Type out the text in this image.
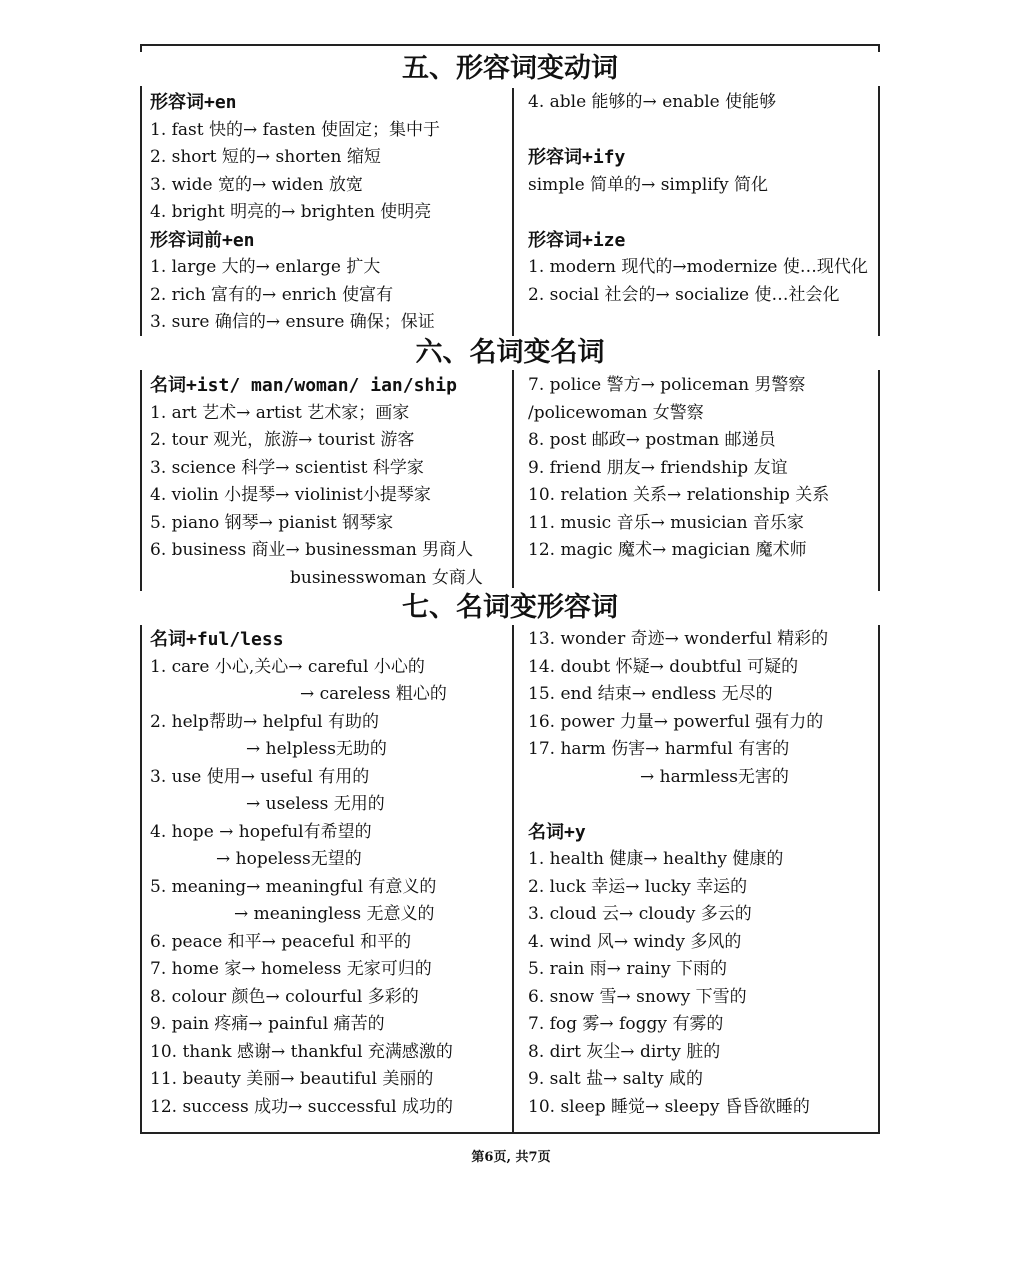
五、形容词变动词
六、名词变名词
七、名词变形容词
形容词+en
1. fast 快的→ fasten 使固定；集中于
2. short 短的→ shorten 缩短
3. wide 宽的→ widen 放宽
4. bright 明亮的→ brighten 使明亮
形容词前+en
1. large 大的→ enlarge 扩大
2. rich 富有的→ enrich 使富有
3. sure 确信的→ ensure 确保；保证
4. able 能够的→ enable 使能够
形容词+ify
simple 简单的→ simplify 简化
形容词+ize
1. modern 现代的→modernize 使…现代化
2. social 社会的→ socialize 使…社会化
名词+ist/ man/woman/ ian/ship
1. art 艺术→ artist 艺术家；画家
2. tour 观光，旅游→ tourist 游客
3. science 科学→ scientist 科学家
4. violin 小提琴→ violinist小提琴家
5. piano 钢琴→ pianist 钢琴家
6. business 商业→ businessman 男商人
businesswoman 女商人
7. police 警方→ policeman 男警察
/policewoman 女警察
8. post 邮政→ postman 邮递员
9. friend 朋友→ friendship 友谊
10. relation 关系→ relationship 关系
11. music 音乐→ musician 音乐家
12. magic 魔术→ magician 魔术师
名词+ful/less
1. care 小心,关心→ careful 小心的
→ careless 粗心的
2. help帮助→ helpful 有助的
→ helpless无助的
3. use 使用→ useful 有用的
→ useless 无用的
4. hope → hopeful有希望的
→ hopeless无望的
5. meaning→ meaningful 有意义的
→ meaningless 无意义的
6. peace 和平→ peaceful 和平的
7. home 家→ homeless 无家可归的
8. colour 颜色→ colourful 多彩的
9. pain 疼痛→ painful 痛苦的
10. thank 感谢→ thankful 充满感激的
11. beauty 美丽→ beautiful 美丽的
12. success 成功→ successful 成功的
13. wonder 奇迹→ wonderful 精彩的
14. doubt 怀疑→ doubtful 可疑的
15. end 结束→ endless 无尽的
16. power 力量→ powerful 强有力的
17. harm 伤害→ harmful 有害的
→ harmless无害的
名词+y
1. health 健康→ healthy 健康的
2. luck 幸运→ lucky 幸运的
3. cloud 云→ cloudy 多云的
4. wind 风→ windy 多风的
5. rain 雨→ rainy 下雨的
6. snow 雪→ snowy 下雪的
7. fog 雾→ foggy 有雾的
8. dirt 灰尘→ dirty 脏的
9. salt 盐→ salty 咸的
10. sleep 睡觉→ sleepy 昏昏欲睡的
第6页, 共7页
